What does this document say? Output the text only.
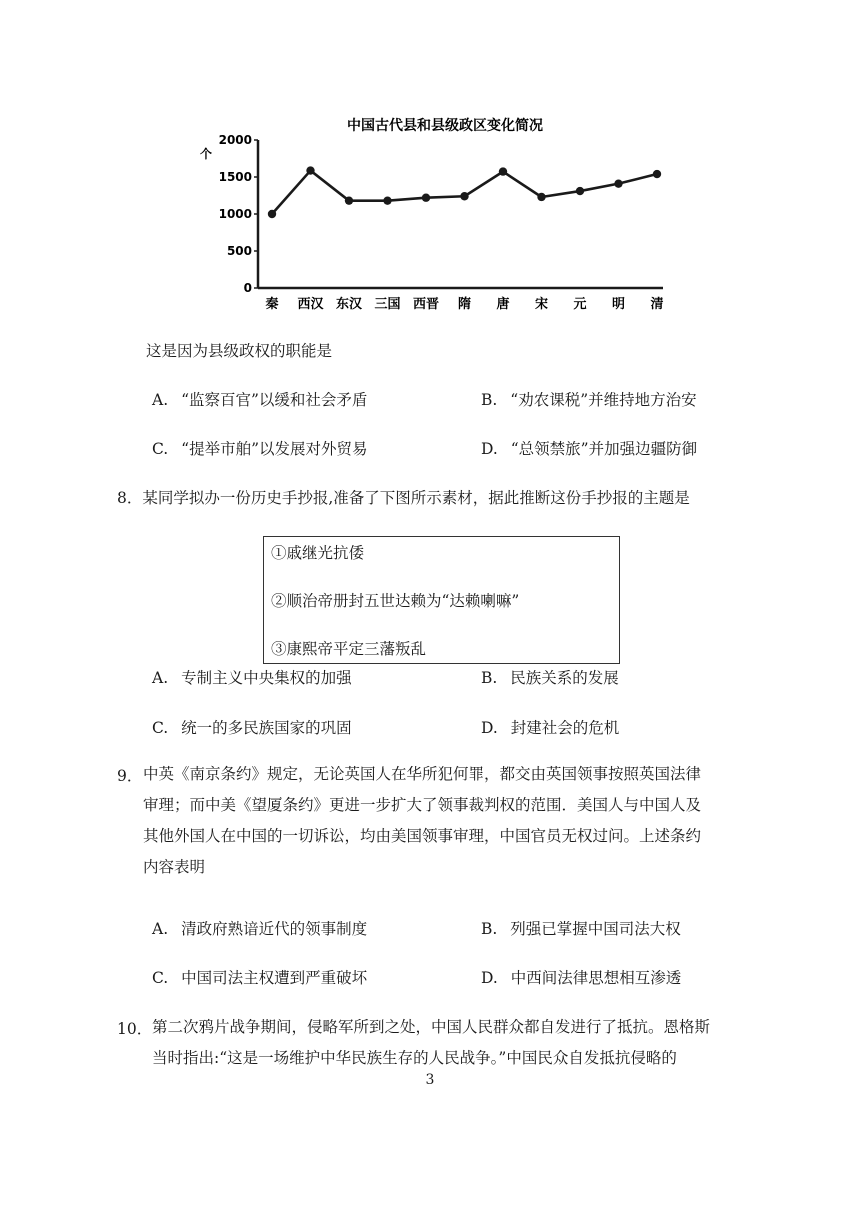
中国古代县和县级政区变化简况
个
0
500
1000
1500
2000
秦 西汉 东汉 三国 西晋 隋 唐 宋 元 明 清
这是因为县级政权的职能是
A. “监察百官”以缓和社会矛盾	B. “劝农课税”并维持地方治安
C. “提举市舶”以发展对外贸易	D. “总领禁旅”并加强边疆防御
8．某同学拟办一份历史手抄报,准备了下图所示素材，据此推断这份手抄报的主题是
①戚继光抗倭
②顺治帝册封五世达赖为“达赖喇嘛”
③康熙帝平定三藩叛乱
A. 专制主义中央集权的加强	B. 民族关系的发展
C. 统一的多民族国家的巩固	D. 封建社会的危机
9． 中英《南京条约》规定，无论英国人在华所犯何罪，都交由英国领事按照英国法律
审理；而中美《望厦条约》更进一步扩大了领事裁判权的范围．美国人与中国人及
其他外国人在中国的一切诉讼，均由美国领事审理，中国官员无权过问。上述条约
内容表明
A. 清政府熟谙近代的领事制度	B. 列强已掌握中国司法大权
C. 中国司法主权遭到严重破坏	D. 中西间法律思想相互渗透
10． 第二次鸦片战争期间，侵略军所到之处，中国人民群众都自发进行了抵抗。恩格斯
当时指出:“这是一场维护中华民族生存的人民战争。”中国民众自发抵抗侵略的
3
